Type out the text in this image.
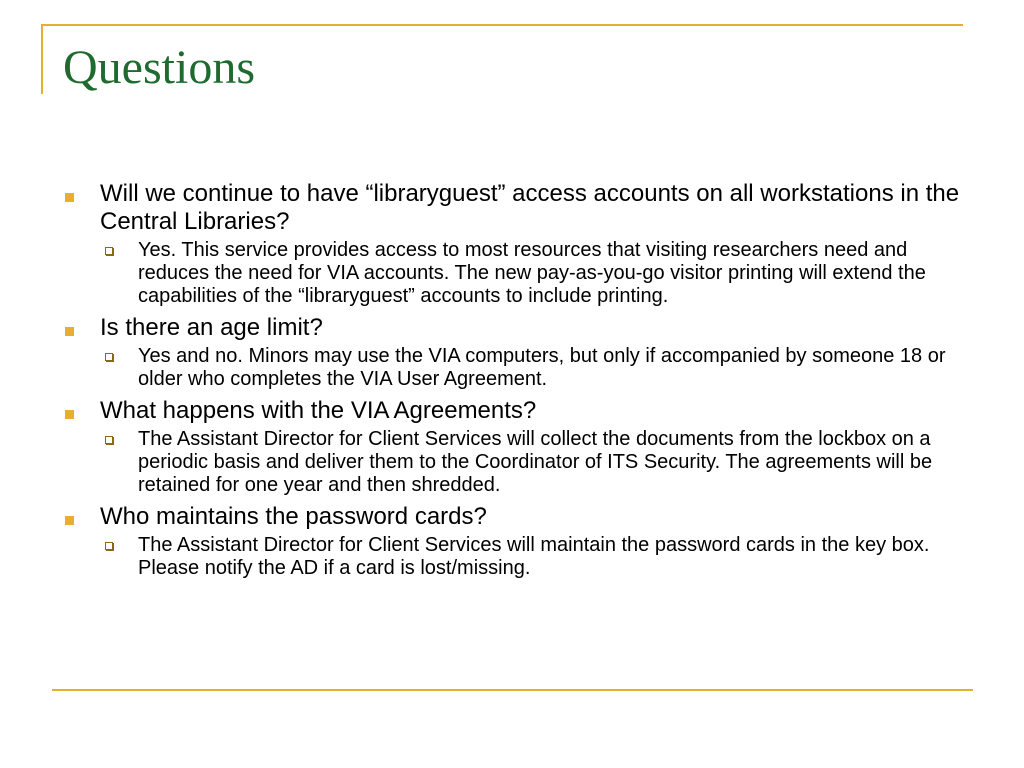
Questions
Will we continue to have “libraryguest” access accounts on all workstations in the Central Libraries?
Yes. This service provides access to most resources that visiting researchers need and reduces the need for VIA accounts. The new pay-as-you-go visitor printing will extend the capabilities of the “libraryguest” accounts to include printing.
Is there an age limit?
Yes and no. Minors may use the VIA computers, but only if accompanied by someone 18 or older who completes the VIA User Agreement.
What happens with the VIA Agreements?
The Assistant Director for Client Services will collect the documents from the lockbox on a periodic basis and deliver them to the Coordinator of ITS Security. The agreements will be retained for one year and then shredded.
Who maintains the password cards?
The Assistant Director for Client Services will maintain the password cards in the key box. Please notify the AD if a card is lost/missing.
